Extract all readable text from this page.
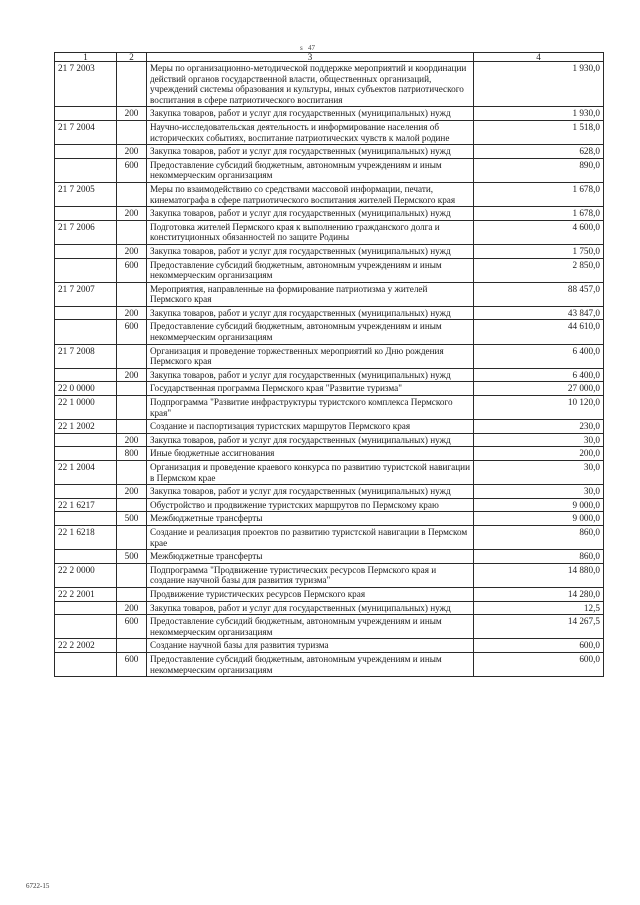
s 47
1	2	3	4
21 7 2003		Меры по организационно-методической поддержке мероприятий и координации действий органов государственной власти, общественных организаций, учреждений системы образования и культуры, иных субъектов патриотического воспитания в сфере патриотического воспитания	1 930,0
	200	Закупка товаров, работ и услуг для государственных (муниципальных) нужд	1 930,0
21 7 2004		Научно-исследовательская деятельность и информирование населения об исторических событиях, воспитание патриотических чувств к малой родине	1 518,0
	200	Закупка товаров, работ и услуг для государственных (муниципальных) нужд	628,0
	600	Предоставление субсидий бюджетным, автономным учреждениям и иным некоммерческим организациям	890,0
21 7 2005		Меры по взаимодействию со средствами массовой информации, печати, кинематографа в сфере патриотического воспитания жителей Пермского края	1 678,0
	200	Закупка товаров, работ и услуг для государственных (муниципальных) нужд	1 678,0
21 7 2006		Подготовка жителей Пермского края к выполнению гражданского долга и конституционных обязанностей по защите Родины	4 600,0
	200	Закупка товаров, работ и услуг для государственных (муниципальных) нужд	1 750,0
	600	Предоставление субсидий бюджетным, автономным учреждениям и иным некоммерческим организациям	2 850,0
21 7 2007		Мероприятия, направленные на формирование патриотизма у жителей Пермского края	88 457,0
	200	Закупка товаров, работ и услуг для государственных (муниципальных) нужд	43 847,0
	600	Предоставление субсидий бюджетным, автономным учреждениям и иным некоммерческим организациям	44 610,0
21 7 2008		Организация и проведение торжественных мероприятий ко Дню рождения Пермского края	6 400,0
	200	Закупка товаров, работ и услуг для государственных (муниципальных) нужд	6 400,0
22 0 0000		Государственная программа Пермского края "Развитие туризма"	27 000,0
22 1 0000		Подпрограмма "Развитие инфраструктуры туристского комплекса Пермского края"	10 120,0
22 1 2002		Создание и паспортизация туристских маршрутов Пермского края	230,0
	200	Закупка товаров, работ и услуг для государственных (муниципальных) нужд	30,0
	800	Иные бюджетные ассигнования	200,0
22 1 2004		Организация и проведение краевого конкурса по развитию туристской навигации в Пермском крае	30,0
	200	Закупка товаров, работ и услуг для государственных (муниципальных) нужд	30,0
22 1 6217		Обустройство и продвижение туристских маршрутов по Пермскому краю	9 000,0
	500	Межбюджетные трансферты	9 000,0
22 1 6218		Создание и реализация проектов по развитию туристской навигации в Пермском крае	860,0
	500	Межбюджетные трансферты	860,0
22 2 0000		Подпрограмма "Продвижение туристических ресурсов Пермского края и создание научной базы для развития туризма"	14 880,0
22 2 2001		Продвижение туристических ресурсов Пермского края	14 280,0
	200	Закупка товаров, работ и услуг для государственных (муниципальных) нужд	12,5
	600	Предоставление субсидий бюджетным, автономным учреждениям и иным некоммерческим организациям	14 267,5
22 2 2002		Создание научной базы для развития туризма	600,0
	600	Предоставление субсидий бюджетным, автономным учреждениям и иным некоммерческим организациям	600,0
6722-15
